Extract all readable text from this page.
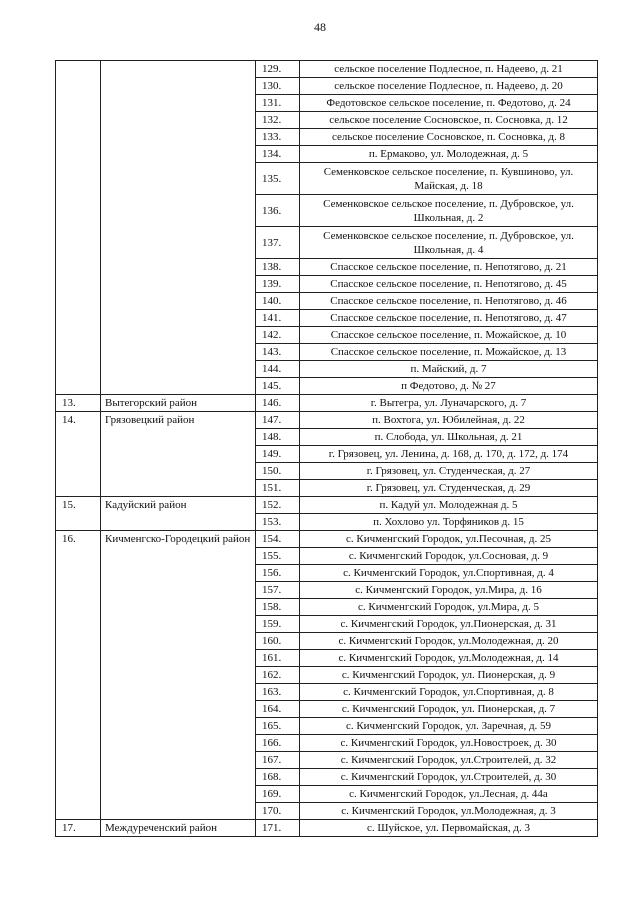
48
		129.	сельское поселение Подлесное, п. Надеево, д. 21
		130.	сельское поселение Подлесное, п. Надеево, д. 20
		131.	Федотовское сельское поселение, п. Федотово, д. 24
		132.	сельское поселение Сосновское, п. Сосновка, д. 12
		133.	сельское поселение Сосновское, п. Сосновка, д. 8
		134.	п. Ермаково, ул. Молодежная, д. 5
		135.	Семенковское сельское поселение, п. Кувшиново, ул. Майская, д. 18
		136.	Семенковское сельское поселение, п. Дубровское, ул. Школьная, д. 2
		137.	Семенковское сельское поселение, п. Дубровское, ул. Школьная, д. 4
		138.	Спасское сельское поселение, п. Непотягово, д. 21
		139.	Спасское сельское поселение, п. Непотягово, д. 45
		140.	Спасское сельское поселение, п. Непотягово, д. 46
		141.	Спасское сельское поселение, п. Непотягово, д. 47
		142.	Спасское сельское поселение, п. Можайское, д. 10
		143.	Спасское сельское поселение, п. Можайское, д. 13
		144.	п. Майский, д. 7
		145.	п Федотово, д. № 27
13.	Вытегорский район	146.	г. Вытегра, ул. Луначарского, д. 7
14.	Грязовецкий район	147.	п. Вохтога, ул. Юбилейная, д. 22
		148.	п. Слобода, ул. Школьная, д. 21
		149.	г. Грязовец, ул. Ленина, д. 168, д. 170, д. 172, д. 174
		150.	г. Грязовец, ул. Студенческая, д. 27
		151.	г. Грязовец, ул. Студенческая, д. 29
15.	Кадуйский район	152.	п. Кадуй ул. Молодежная д. 5
		153.	п. Хохлово ул. Торфяников д. 15
16.	Кичменгско-Городецкий район	154.	с. Кичменгский Городок, ул.Песочная, д. 25
		155.	с. Кичменгский Городок, ул.Сосновая, д. 9
		156.	с. Кичменгский Городок, ул.Спортивная, д. 4
		157.	с. Кичменгский Городок, ул.Мира, д. 16
		158.	с. Кичменгский Городок, ул.Мира, д. 5
		159.	с. Кичменгский Городок, ул.Пионерская, д. 31
		160.	с. Кичменгский Городок, ул.Молодежная, д. 20
		161.	с. Кичменгский Городок, ул.Молодежная, д. 14
		162.	с. Кичменгский Городок, ул. Пионерская, д. 9
		163.	с. Кичменгский Городок, ул.Спортивная, д. 8
		164.	с. Кичменгский Городок, ул. Пионерская, д. 7
		165.	с. Кичменгский Городок, ул. Заречная, д. 59
		166.	с. Кичменгский Городок, ул.Новостроек, д. 30
		167.	с. Кичменгский Городок, ул.Строителей, д. 32
		168.	с. Кичменгский Городок, ул.Строителей, д. 30
		169.	с. Кичменгский Городок, ул.Лесная, д. 44а
		170.	с. Кичменгский Городок, ул.Молодежная, д. 3
17.	Междуреченский район	171.	с. Шуйское, ул. Первомайская, д. 3
